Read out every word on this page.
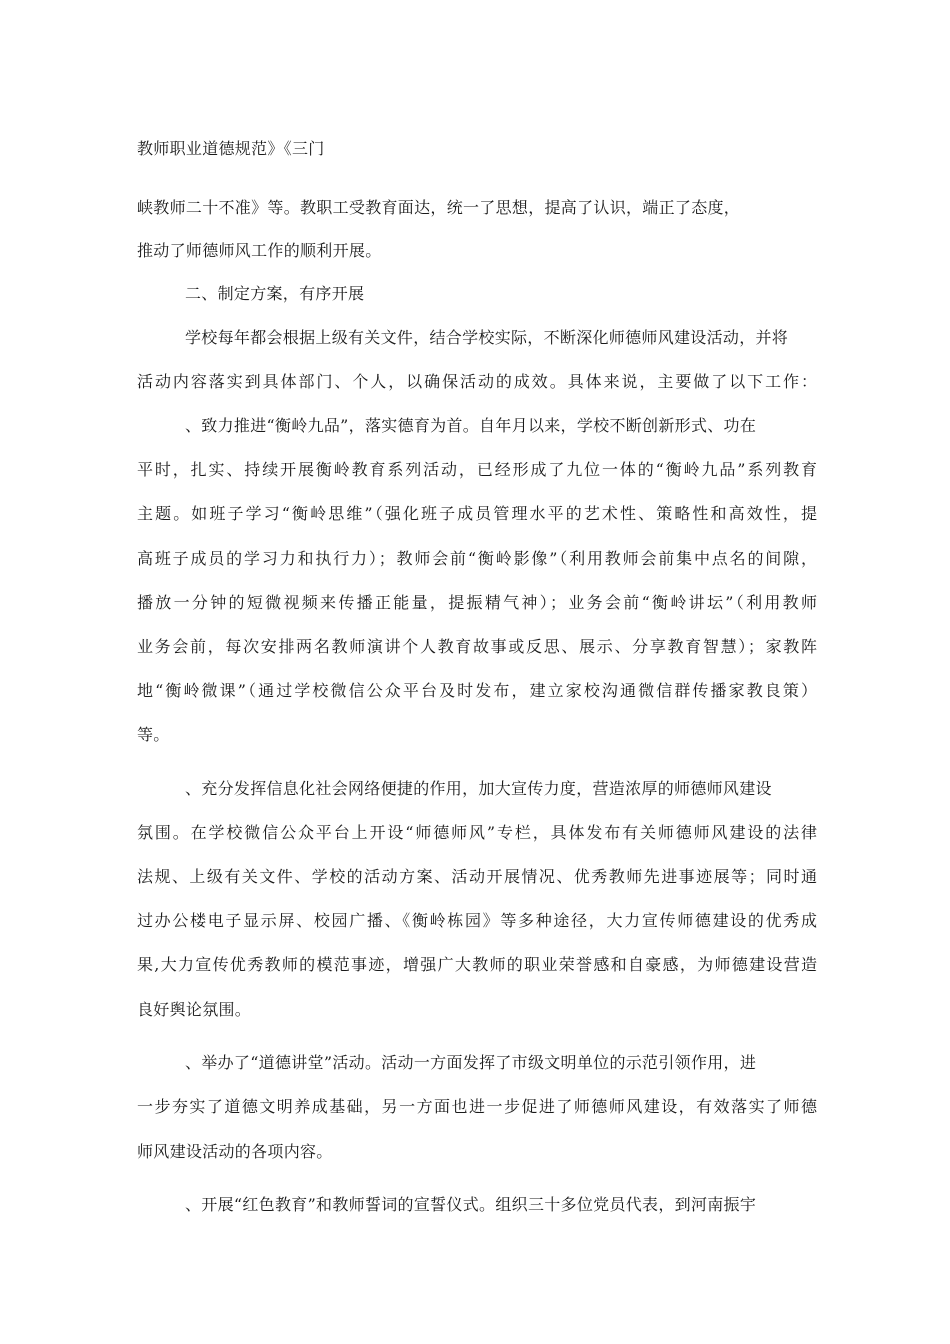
教师职业道德规范》《三门
峡教师二十不准》等。教职工受教育面达，统一了思想，提高了认识，端正了态度，
推动了师德师风工作的顺利开展。
二、制定方案，有序开展
学校每年都会根据上级有关文件，结合学校实际，不断深化师德师风建设活动，并将
活动内容落实到具体部门、个人，以确保活动的成效。具体来说，主要做了以下工作：
、致力推进“衡岭九品”，落实德育为首。自年月以来，学校不断创新形式、功在
平时，扎实、持续开展衡岭教育系列活动，已经形成了九位一体的“衡岭九品”系列教育
主题。如班子学习“衡岭思维”（强化班子成员管理水平的艺术性、策略性和高效性，提
高班子成员的学习力和执行力）；教师会前“衡岭影像”（利用教师会前集中点名的间隙，
播放一分钟的短微视频来传播正能量，提振精气神）；业务会前“衡岭讲坛”（利用教师
业务会前，每次安排两名教师演讲个人教育故事或反思、展示、分享教育智慧）；家教阵
地“衡岭微课”（通过学校微信公众平台及时发布，建立家校沟通微信群传播家教良策）
等。
、充分发挥信息化社会网络便捷的作用，加大宣传力度，营造浓厚的师德师风建设
氛围。在学校微信公众平台上开设“师德师风”专栏，具体发布有关师德师风建设的法律
法规、上级有关文件、学校的活动方案、活动开展情况、优秀教师先进事迹展等；同时通
过办公楼电子显示屏、校园广播、《衡岭栋园》等多种途径，大力宣传师德建设的优秀成
果,大力宣传优秀教师的模范事迹，增强广大教师的职业荣誉感和自豪感，为师德建设营造
良好舆论氛围。
、举办了“道德讲堂”活动。活动一方面发挥了市级文明单位的示范引领作用，进
一步夯实了道德文明养成基础，另一方面也进一步促进了师德师风建设，有效落实了师德
师风建设活动的各项内容。
、开展“红色教育”和教师誓词的宣誓仪式。组织三十多位党员代表，到河南振宇
